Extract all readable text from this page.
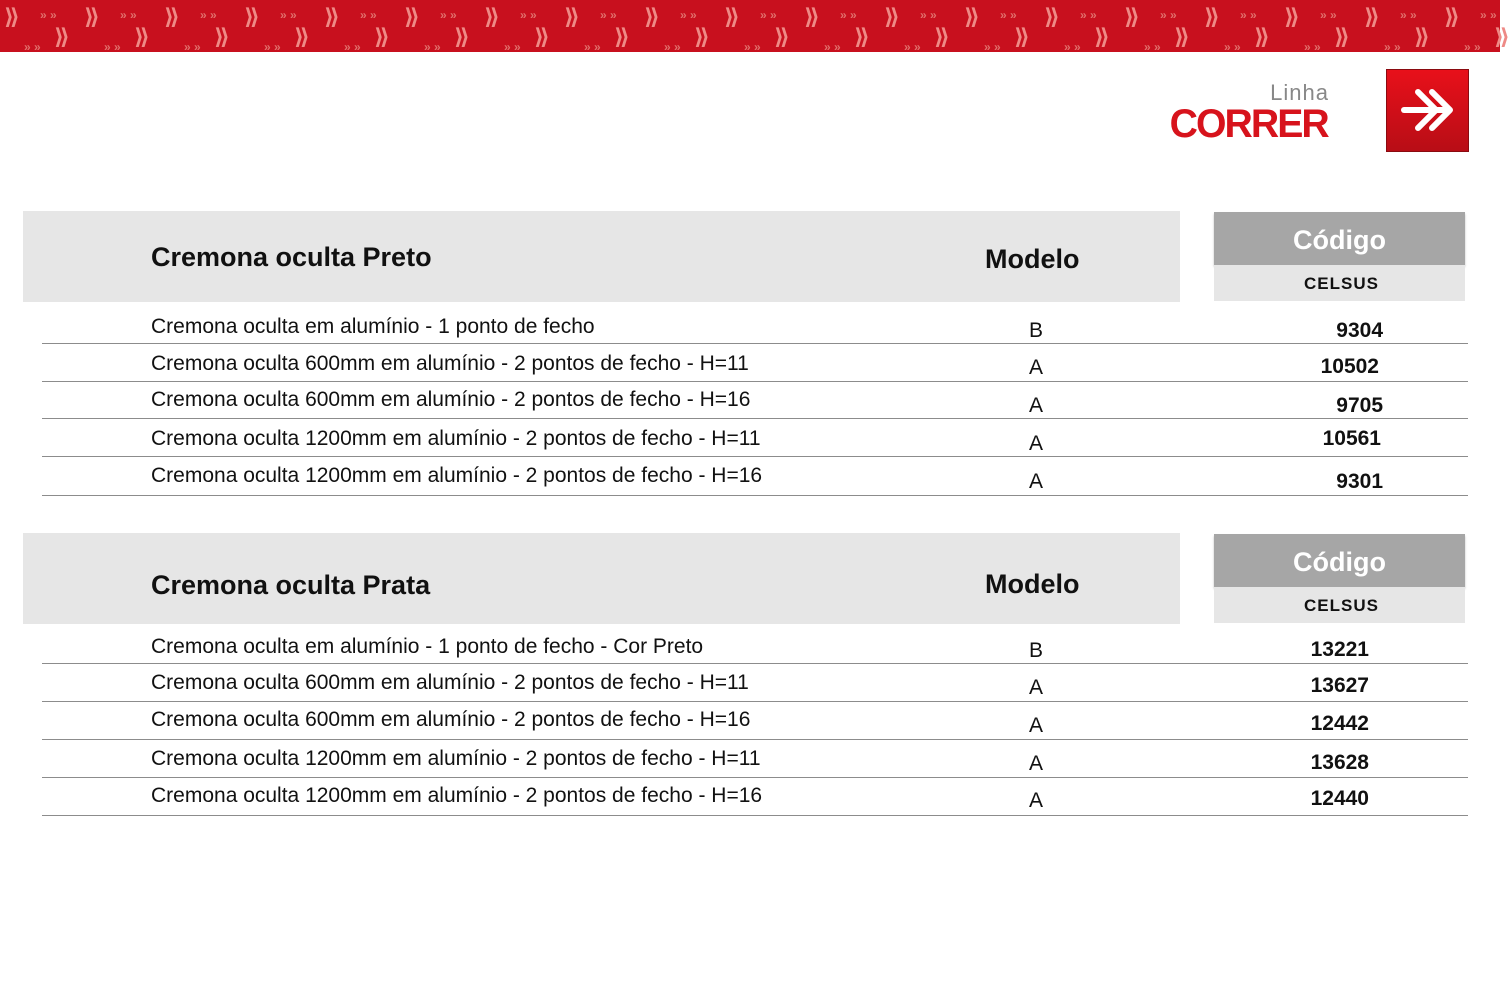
⟫
» » ⟫
» » ⟫
» » ⟫
» » ⟫
» » ⟫
» » ⟫
» » ⟫
» » ⟫
» » ⟫
» » ⟫
» » ⟫
» » ⟫
» » ⟫
» » ⟫
» » ⟫
» » ⟫
» » ⟫
» » ⟫
» » ⟫
» » ⟫
» » ⟫
» » ⟫
» » ⟫
» » ⟫
» » ⟫
» » ⟫
» » ⟫
» » ⟫
» » ⟫
» » ⟫
» » ⟫
» » ⟫
» » ⟫
» » ⟫
» » ⟫
» » ⟫
» » ⟫
» »
Linha
CORRER
Cremona oculta Preto	Modelo
Código
CELSUS
Cremona oculta em alumínio - 1 ponto de fecho	B	9304
Cremona oculta 600mm em alumínio - 2 pontos de fecho - H=11	A	10502
Cremona oculta 600mm em alumínio - 2 pontos de fecho - H=16	A	9705
Cremona oculta 1200mm em alumínio - 2 pontos de fecho - H=11	A	10561
Cremona oculta 1200mm em alumínio - 2 pontos de fecho - H=16	A	9301
Cremona oculta Prata	Modelo
Código
CELSUS
Cremona oculta em alumínio - 1 ponto de fecho - Cor Preto	B	13221
Cremona oculta 600mm em alumínio - 2 pontos de fecho - H=11	A	13627
Cremona oculta 600mm em alumínio - 2 pontos de fecho - H=16	A	12442
Cremona oculta 1200mm em alumínio - 2 pontos de fecho - H=11	A	13628
Cremona oculta 1200mm em alumínio - 2 pontos de fecho - H=16	A	12440
